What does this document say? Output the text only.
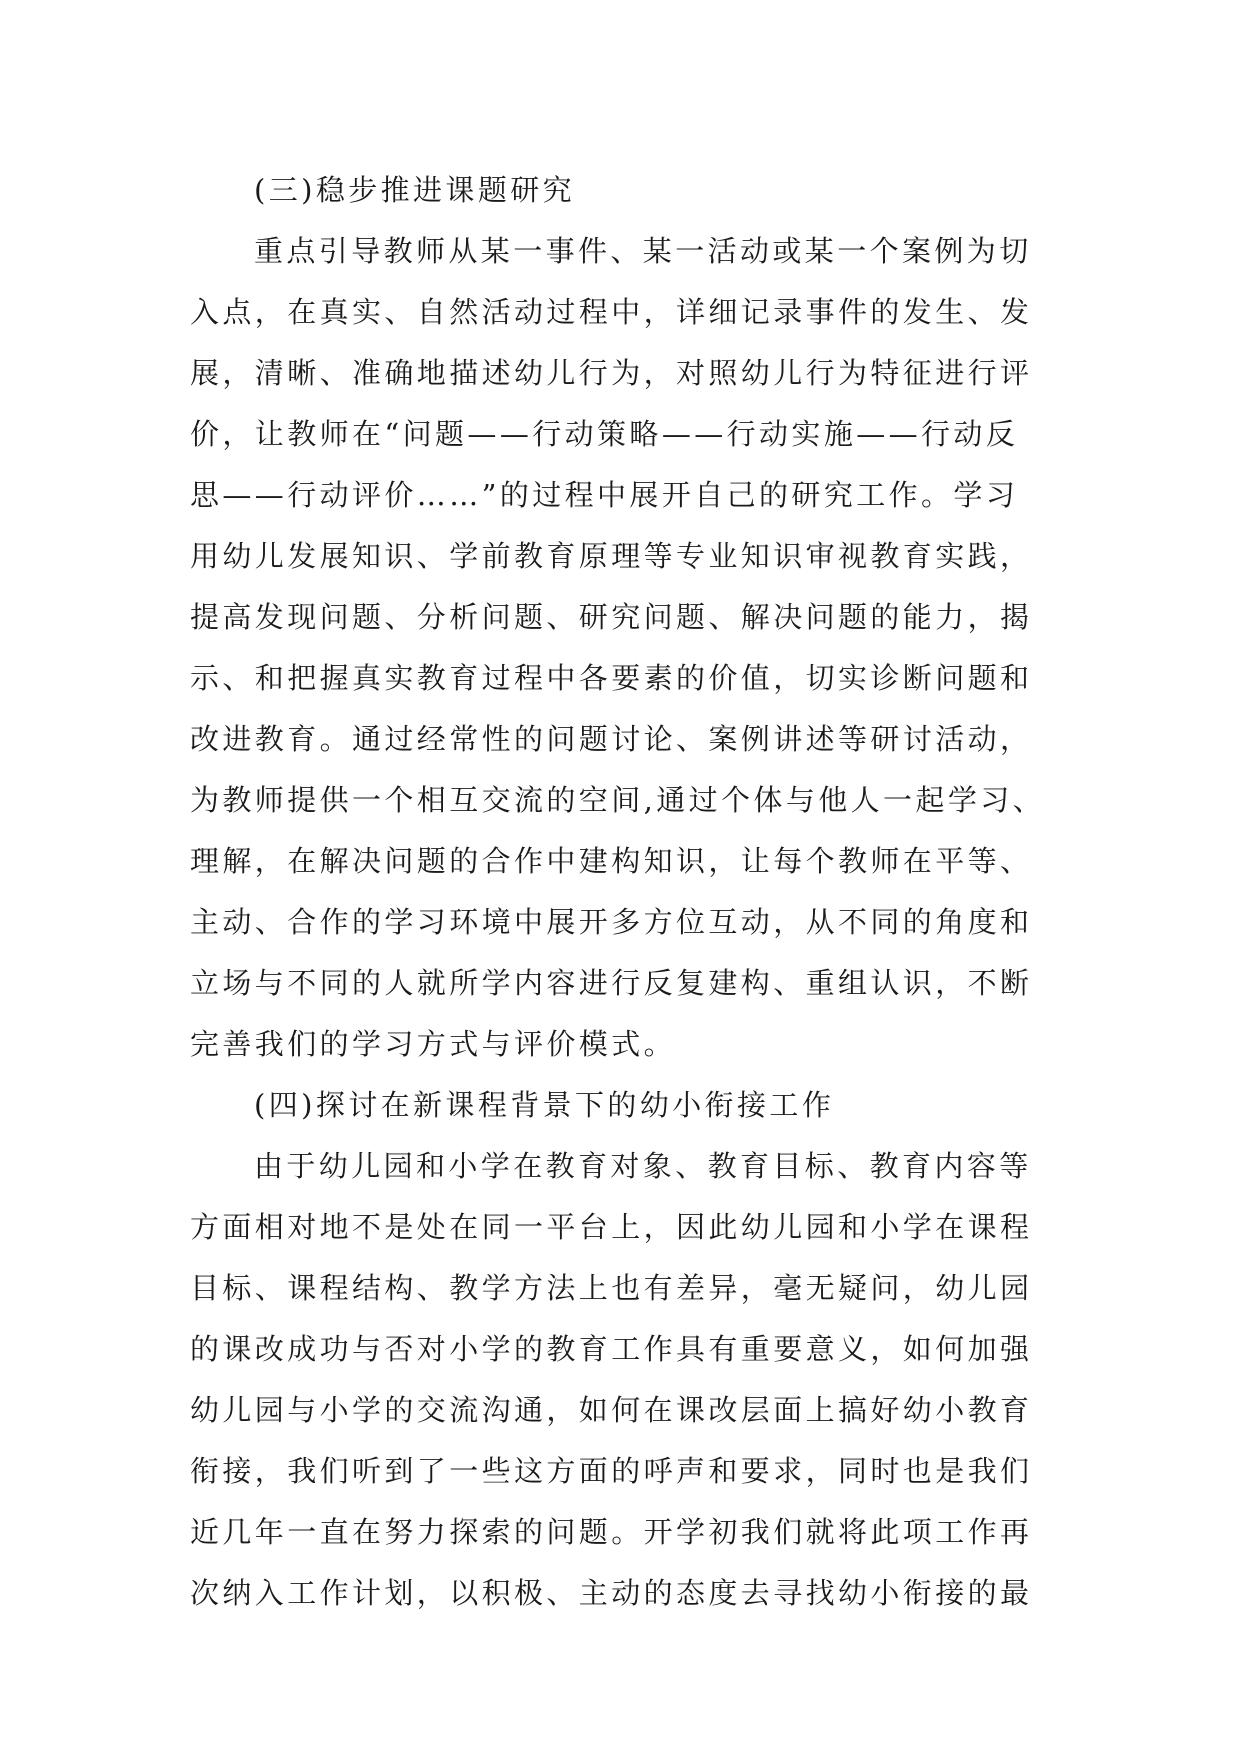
(三)稳步推进课题研究
重点引导教师从某一事件、某一活动或某一个案例为切
入点，在真实、自然活动过程中，详细记录事件的发生、发
展，清晰、准确地描述幼儿行为，对照幼儿行为特征进行评
价，让教师在“问题——行动策略——行动实施——行动反
思——行动评价……”的过程中展开自己的研究工作。学习
用幼儿发展知识、学前教育原理等专业知识审视教育实践，
提高发现问题、分析问题、研究问题、解决问题的能力，揭
示、和把握真实教育过程中各要素的价值，切实诊断问题和
改进教育。通过经常性的问题讨论、案例讲述等研讨活动，
为教师提供一个相互交流的空间,通过个体与他人一起学习、
理解，在解决问题的合作中建构知识，让每个教师在平等、
主动、合作的学习环境中展开多方位互动，从不同的角度和
立场与不同的人就所学内容进行反复建构、重组认识，不断
完善我们的学习方式与评价模式。
(四)探讨在新课程背景下的幼小衔接工作
由于幼儿园和小学在教育对象、教育目标、教育内容等
方面相对地不是处在同一平台上，因此幼儿园和小学在课程
目标、课程结构、教学方法上也有差异，毫无疑问，幼儿园
的课改成功与否对小学的教育工作具有重要意义，如何加强
幼儿园与小学的交流沟通，如何在课改层面上搞好幼小教育
衔接，我们听到了一些这方面的呼声和要求，同时也是我们
近几年一直在努力探索的问题。开学初我们就将此项工作再
次纳入工作计划，以积极、主动的态度去寻找幼小衔接的最
